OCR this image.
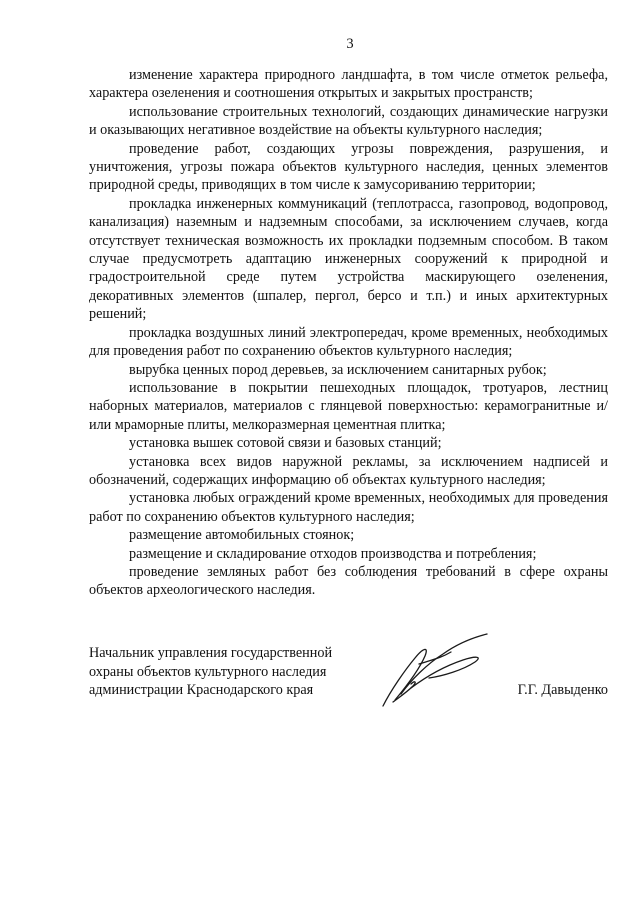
3

изменение характера природного ландшафта, в том числе отметок рельефа, характера озеленения и соотношения открытых и закрытых пространств;

использование строительных технологий, создающих динамические нагрузки и оказывающих негативное воздействие на объекты культурного наследия;

проведение работ, создающих угрозы повреждения, разрушения, и уничтожения, угрозы пожара объектов культурного наследия, ценных элементов природной среды, приводящих в том числе к замусориванию территории;

прокладка инженерных коммуникаций (теплотрасса, газопровод, водопровод, канализация) наземным и надземным способами, за исключением случаев, когда отсутствует техническая возможность их прокладки подземным способом. В таком случае предусмотреть адаптацию инженерных сооружений к природной и градостроительной среде путем устройства маскирующего озеленения, декоративных элементов (шпалер, пергол, берсо и т.п.) и иных архитектурных решений;

прокладка воздушных линий электропередач, кроме временных, необходимых для проведения работ по сохранению объектов культурного наследия;

вырубка ценных пород деревьев, за исключением санитарных рубок;

использование в покрытии пешеходных площадок, тротуаров, лестниц наборных материалов, материалов с глянцевой поверхностью: керамогранитные и/или мраморные плиты, мелкоразмерная цементная плитка;

установка вышек сотовой связи и базовых станций;

установка всех видов наружной рекламы, за исключением надписей и обозначений, содержащих информацию об объектах культурного наследия;

установка любых ограждений кроме временных, необходимых для проведения работ по сохранению объектов культурного наследия;

размещение автомобильных стоянок;

размещение и складирование отходов производства и потребления;

проведение земляных работ без соблюдения требований в сфере охраны объектов археологического наследия.

Начальник управления государственной
охраны объектов культурного наследия
администрации Краснодарского края	Г.Г. Давыденко
